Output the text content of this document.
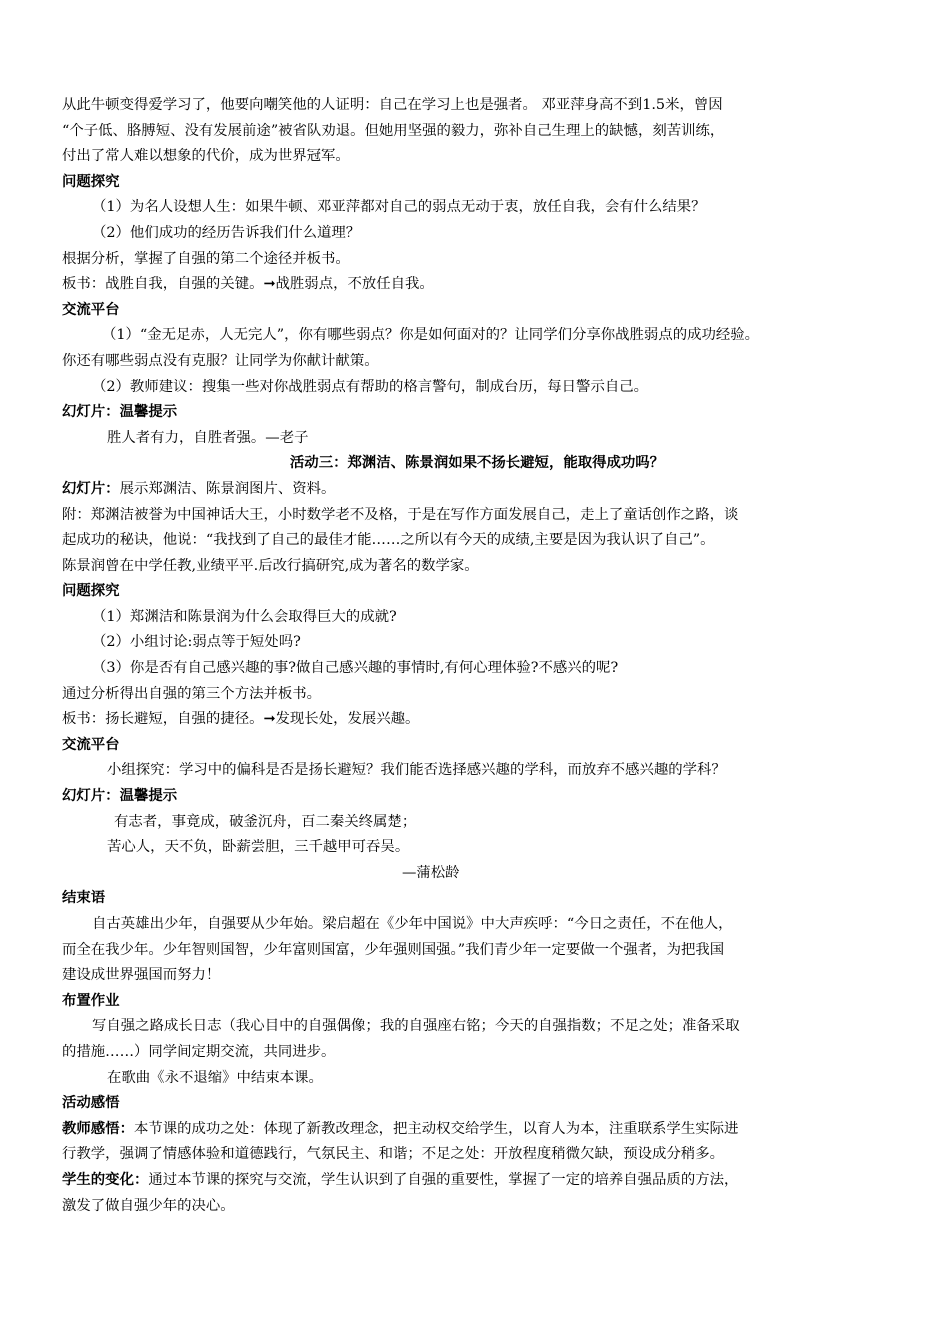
从此牛顿变得爱学习了，他要向嘲笑他的人证明：自己在学习上也是强者。 邓亚萍身高不到1.5米，曾因

“个子低、胳膊短、没有发展前途”被省队劝退。但她用坚强的毅力，弥补自己生理上的缺憾，刻苦训练，

付出了常人难以想象的代价，成为世界冠军。

问题探究

（1）为名人设想人生：如果牛顿、邓亚萍都对自己的弱点无动于衷，放任自我，会有什么结果？

（2）他们成功的经历告诉我们什么道理？

根据分析，掌握了自强的第二个途径并板书。

板书：战胜自我，自强的关键。➞战胜弱点，不放任自我。

交流平台

（1）“金无足赤，人无完人”，你有哪些弱点？你是如何面对的？让同学们分享你战胜弱点的成功经验。

你还有哪些弱点没有克服？让同学为你献计献策。

（2）教师建议：搜集一些对你战胜弱点有帮助的格言警句，制成台历，每日警示自己。

幻灯片：温馨提示

胜人者有力，自胜者强。—老子

活动三：郑渊洁、陈景润如果不扬长避短，能取得成功吗？

幻灯片：展示郑渊洁、陈景润图片、资料。

附：郑渊洁被誉为中国神话大王，小时数学老不及格，于是在写作方面发展自己，走上了童话创作之路，谈

起成功的秘诀，他说：“我找到了自己的最佳才能……之所以有今天的成绩,主要是因为我认识了自己”。

陈景润曾在中学任教,业绩平平.后改行搞研究,成为著名的数学家。

问题探究

（1）郑渊洁和陈景润为什么会取得巨大的成就?

（2）小组讨论:弱点等于短处吗?

（3）你是否有自己感兴趣的事?做自己感兴趣的事情时,有何心理体验?不感兴的呢?

通过分析得出自强的第三个方法并板书。

板书：扬长避短，自强的捷径。➞发现长处，发展兴趣。

交流平台

小组探究：学习中的偏科是否是扬长避短？我们能否选择感兴趣的学科，而放弃不感兴趣的学科？

幻灯片：温馨提示

有志者，事竟成，破釜沉舟，百二秦关终属楚；

苦心人，天不负，卧薪尝胆，三千越甲可吞吴。

—蒲松龄

结束语

自古英雄出少年，自强要从少年始。梁启超在《少年中国说》中大声疾呼：“今日之责任，不在他人，

而全在我少年。少年智则国智，少年富则国富，少年强则国强。”我们青少年一定要做一个强者，为把我国

建设成世界强国而努力！

布置作业

写自强之路成长日志（我心目中的自强偶像；我的自强座右铭；今天的自强指数；不足之处；准备采取

的措施……）同学间定期交流，共同进步。

在歌曲《永不退缩》中结束本课。

活动感悟

教师感悟：本节课的成功之处：体现了新教改理念，把主动权交给学生，以育人为本，注重联系学生实际进

行教学，强调了情感体验和道德践行，气氛民主、和谐；不足之处：开放程度稍微欠缺，预设成分稍多。

学生的变化：通过本节课的探究与交流，学生认识到了自强的重要性，掌握了一定的培养自强品质的方法，

激发了做自强少年的决心。
